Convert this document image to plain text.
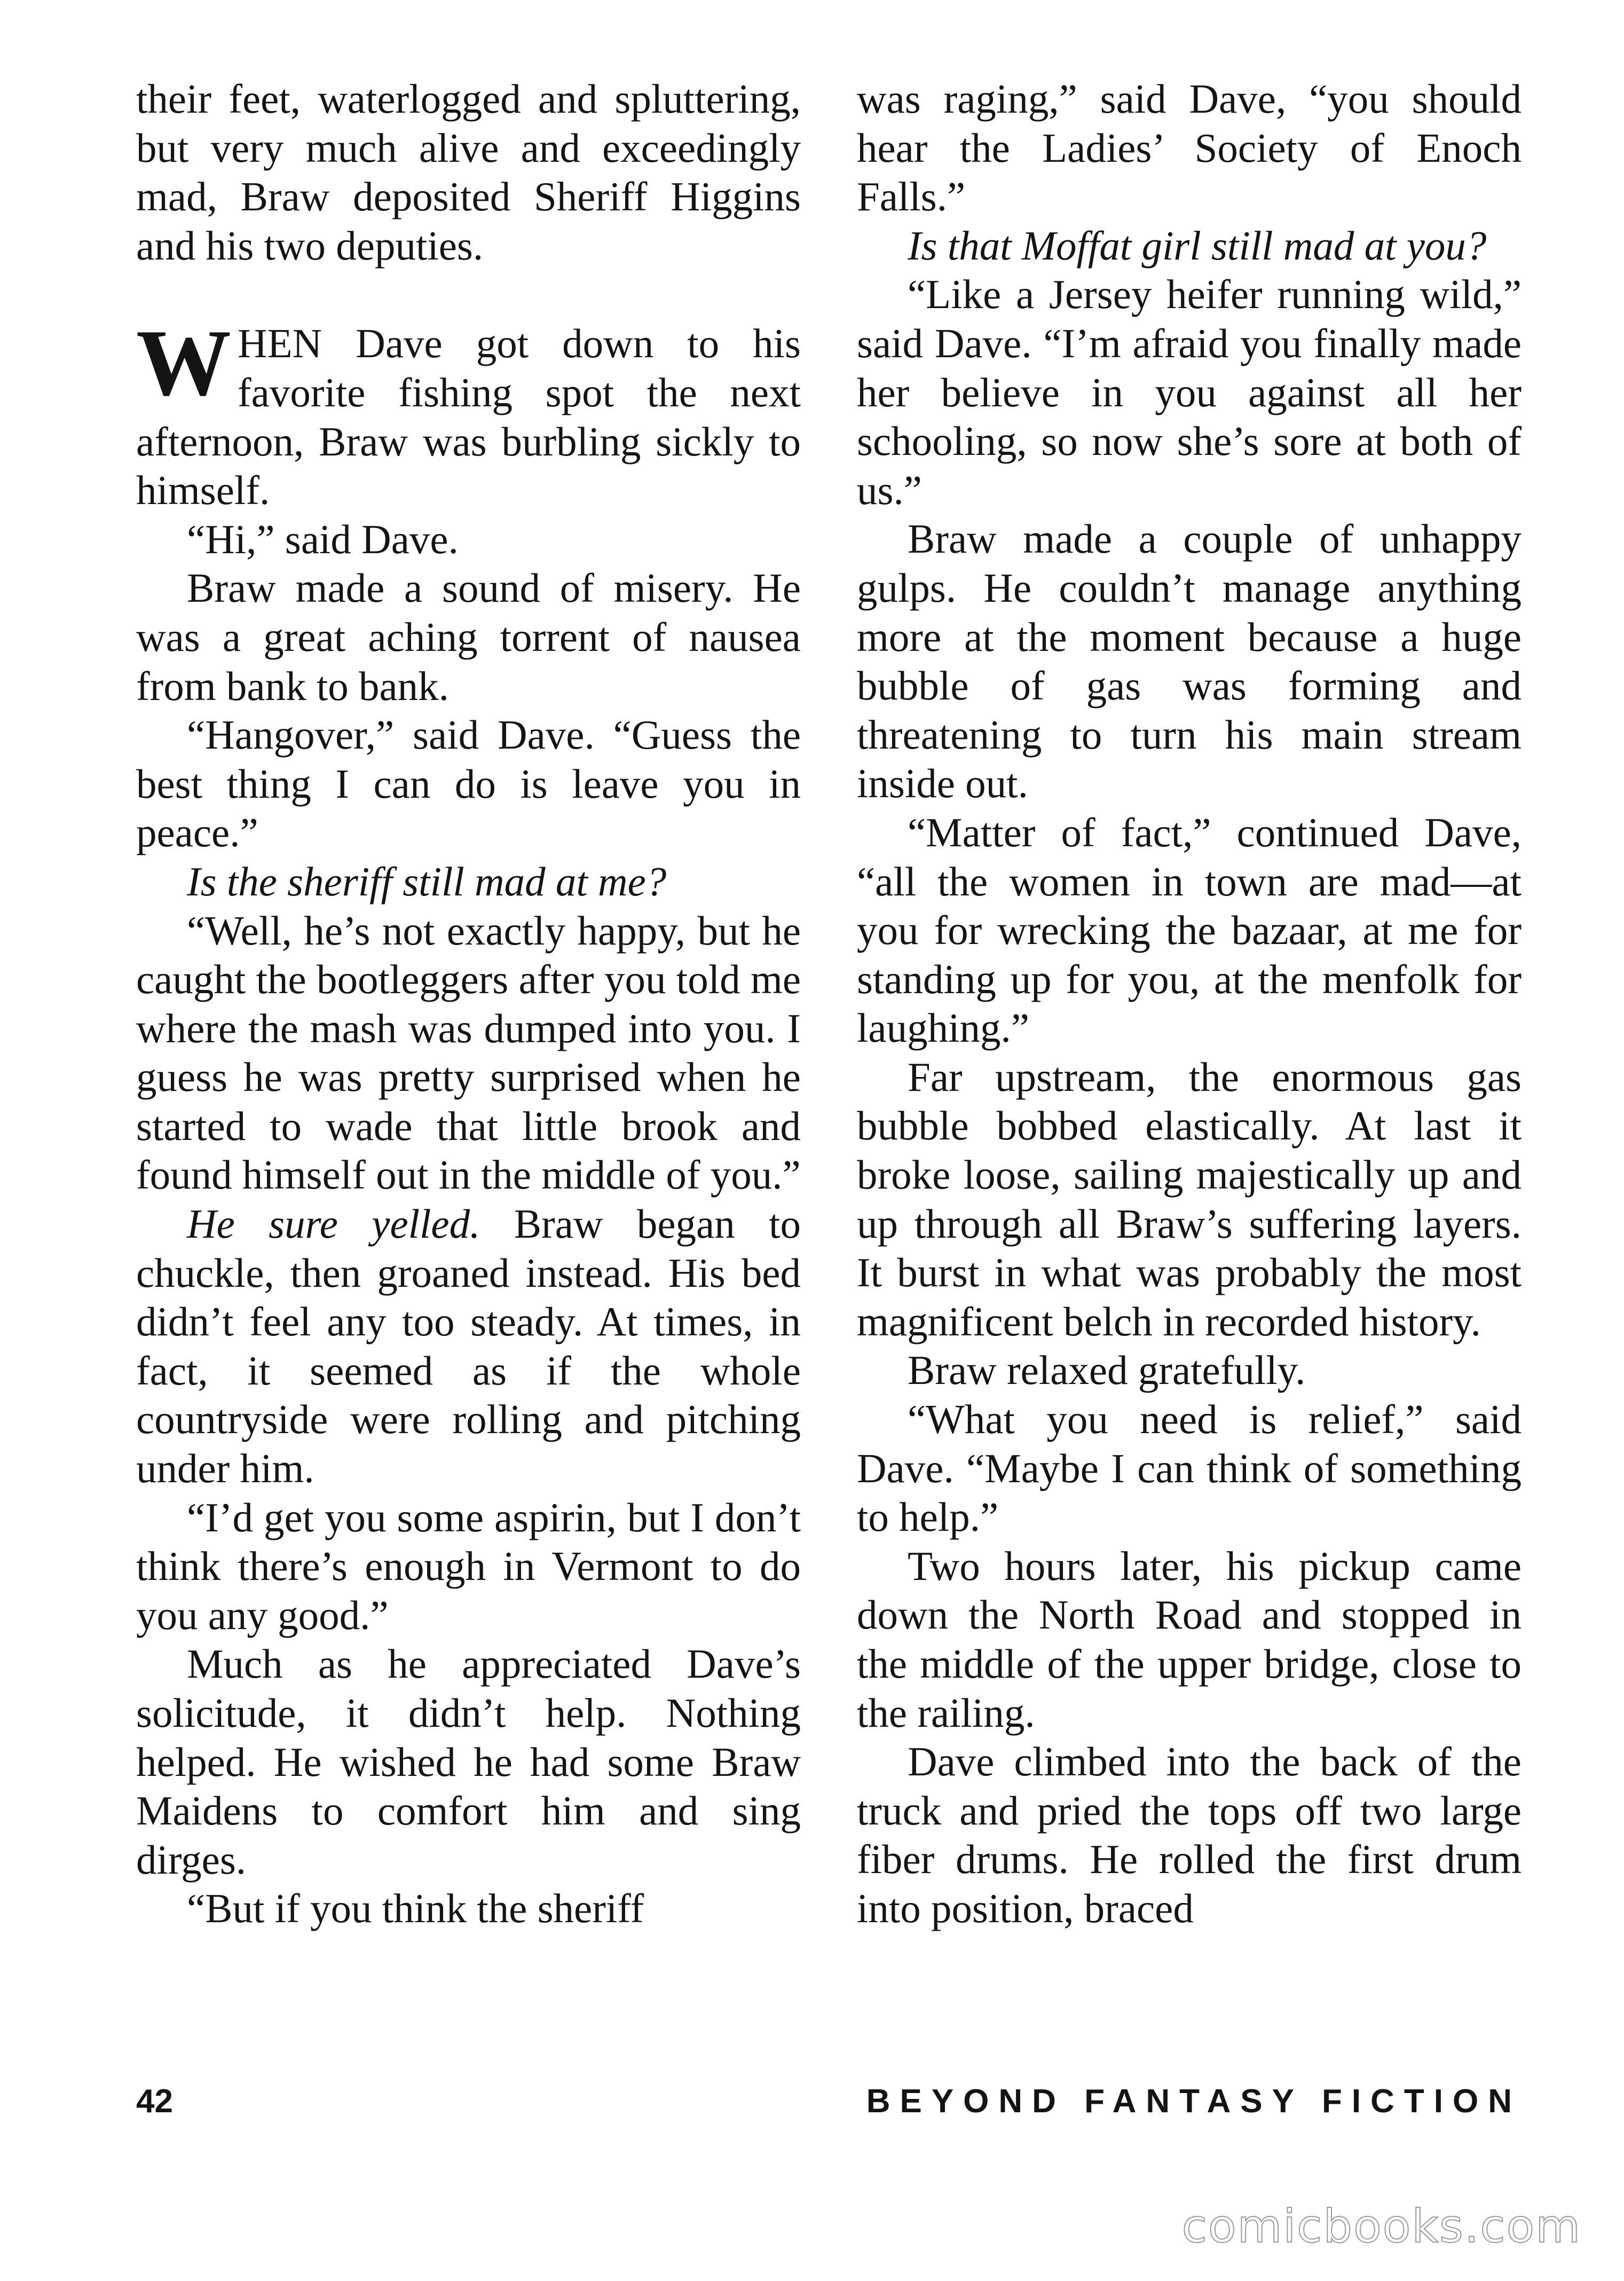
their feet, waterlogged and spluttering, but very much alive and exceedingly mad, Braw deposited Sheriff Higgins and his two deputies.

WHEN Dave got down to his favorite fishing spot the next afternoon, Braw was burbling sickly to himself.

“Hi,” said Dave.

Braw made a sound of misery. He was a great aching torrent of nausea from bank to bank.

“Hangover,” said Dave. “Guess the best thing I can do is leave you in peace.”

Is the sheriff still mad at me?

“Well, he’s not exactly happy, but he caught the bootleggers after you told me where the mash was dumped into you. I guess he was pretty surprised when he started to wade that little brook and found himself out in the middle of you.”

He sure yelled. Braw began to chuckle, then groaned instead. His bed didn’t feel any too steady. At times, in fact, it seemed as if the whole countryside were rolling and pitching under him.

“I’d get you some aspirin, but I don’t think there’s enough in Vermont to do you any good.”

Much as he appreciated Dave’s solicitude, it didn’t help. Nothing helped. He wished he had some Braw Maidens to comfort him and sing dirges.

“But if you think the sheriff

was raging,” said Dave, “you should hear the Ladies’ Society of Enoch Falls.”

Is that Moffat girl still mad at you?

“Like a Jersey heifer running wild,” said Dave. “I’m afraid you finally made her believe in you against all her schooling, so now she’s sore at both of us.”

Braw made a couple of unhappy gulps. He couldn’t manage anything more at the moment because a huge bubble of gas was forming and threatening to turn his main stream inside out.

“Matter of fact,” continued Dave, “all the women in town are mad—at you for wrecking the bazaar, at me for standing up for you, at the menfolk for laughing.”

Far upstream, the enormous gas bubble bobbed elastically. At last it broke loose, sailing majestically up and up through all Braw’s suffering layers. It burst in what was probably the most magnificent belch in recorded history.

Braw relaxed gratefully.

“What you need is relief,” said Dave. “Maybe I can think of something to help.”

Two hours later, his pickup came down the North Road and stopped in the middle of the upper bridge, close to the railing.

Dave climbed into the back of the truck and pried the tops off two large fiber drums. He rolled the first drum into position, braced

42	BEYOND FANTASY FICTION
comicbooks.com
